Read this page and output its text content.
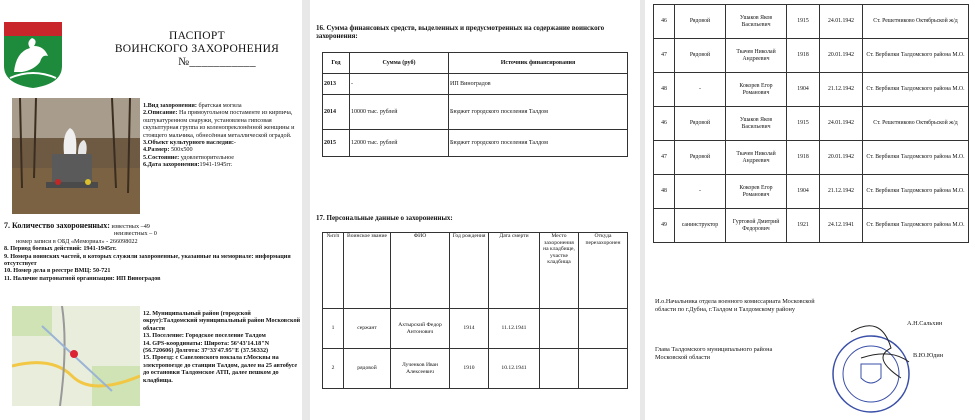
ПАСПОРТ
ВОИНСКОГО ЗАХОРОНЕНИЯ
№___________

1.Вид захоронения: братская могила

2.Описание: На прямоугольном постаменте из кирпича, оштукатуренном снаружи, установлена гипсовая скульптурная группа из коленопреклонённой женщины и стоящего мальчика, обнесённая металлической оградой.

3.Объект культурного наследия:-

4.Размер: 500х500

5.Состояние: удовлетворительное

6.Дата захоронения:1941-1945гг.

7. Количество захороненных: известных –49
неизвестных – 0
номер записи в ОБД «Мемориал» - 266098022
8. Период боевых действий: 1941-1945гг.
9. Номера воинских частей, в которых служили захороненные, указанные на мемориале: информация отсутствует
10. Номер дела в реестре ВМЦ: 50-721
11. Наличие патронатной организации: ИП Виноградов
12. Муниципальный район (городской округ):Талдомский муниципальный район Московской области
13. Поселение: Городское поселение Талдом
14. GPS-координаты: Широта: 56°43'14.18"N (56.720606) Долгота: 37°33'47.95"E (37.56332)
15. Проезд: с Савеловского вокзала г.Москвы на электропоезде до станции Талдом, далее на 25 автобусе до остановки Талдомское АТП, далее пешком до кладбища.
16. Сумма финансовых средств, выделенных и предусмотренных на содержание воинского захоронения:
Год	Сумма (руб)	Источник финансирования
2013	-	ИП Виноградов
2014	10000 тыс. рублей	Бюджет городского поселения Талдом
2015	12000 тыс. рублей	Бюджет городского поселения Талдом
17. Персональные данные о захороненных:
№п/п	Воинское звание	ФИО	Год рождения	Дата смерти	Место захоронения на кладбище, участке кладбища	Откуда перезахоронен
1	сержант	Ахтырский Федор Антонович	1914	11.12.1941		
2	рядовой	Лученков Иван Алексеевич	1910	10.12.1941		
46	Рядовой	Ушаков Яков Васильевич	1915	24.01.1942	Ст. Решетниково Октябрьской ж/д
47	Рядовой	Ткачев Николай Андреевич	1918	20.01.1942	Ст. Вербилки Талдомского района М.О.
48	-	Кокорев Егор Романович	1904	21.12.1942	Ст. Вербилки Талдомского района М.О.
46	Рядовой	Ушаков Яков Васильевич	1915	24.01.1942	Ст. Решетниково Октябрьской ж/д
47	Рядовой	Ткачев Николай Андреевич	1918	20.01.1942	Ст. Вербилки Талдомского района М.О.
48	-	Кокорев Егор Романович	1904	21.12.1942	Ст. Вербилки Талдомского района М.О.
49	санинструктор	Гуртовой Дмитрий Федорович	1921	24.12.1941	Ст. Вербилки Талдомского района М.О.
И.о.Начальника отдела военного комиссариата Московской области по г.Дубна, г.Талдом и Талдомскому району
А.Н.Сальхин
Глава Талдомского муниципального района Московской области	В.Ю.Юдин
